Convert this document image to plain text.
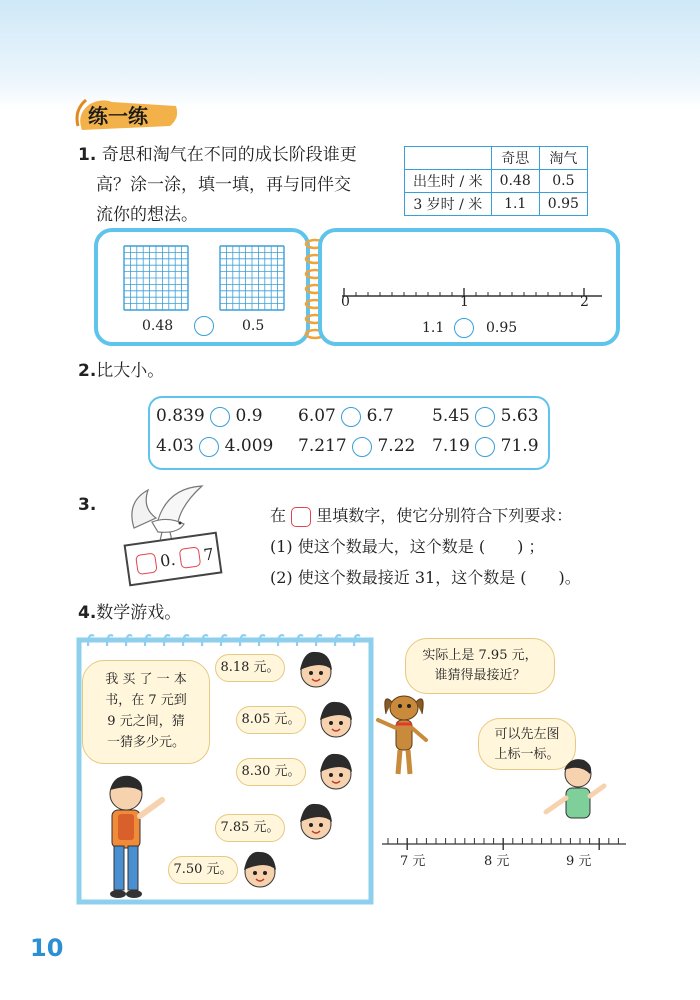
练一练
1. 奇思和淘气在不同的成长阶段谁更
高？涂一涂，填一填，再与同伴交
流你的想法。
	奇思	淘气
出生时 / 米	0.48	0.5
3 岁时 / 米	1.1	0.95
0.48	0.5
0	1	2
1.1	0.95
2.比大小。
0.839 0.9 6.07 6.7 5.45 5.63
4.03 4.009 7.217 7.22 7.19 71.9
3.
0. 7
在 里填数字，使它分别符合下列要求：
(1) 使这个数最大，这个数是 (　　) ；
(2) 使这个数最接近 31，这个数是 (　　)。
4.数学游戏。
我 买 了 一 本
书，在 7 元到
9 元之间，猜
一猜多少元。
8.18 元。
8.05 元。
8.30 元。
7.85 元。
7.50 元。
实际上是 7.95 元，
谁猜得最接近？
可以先左图
上标一标。
7 元	8 元	9 元
10
